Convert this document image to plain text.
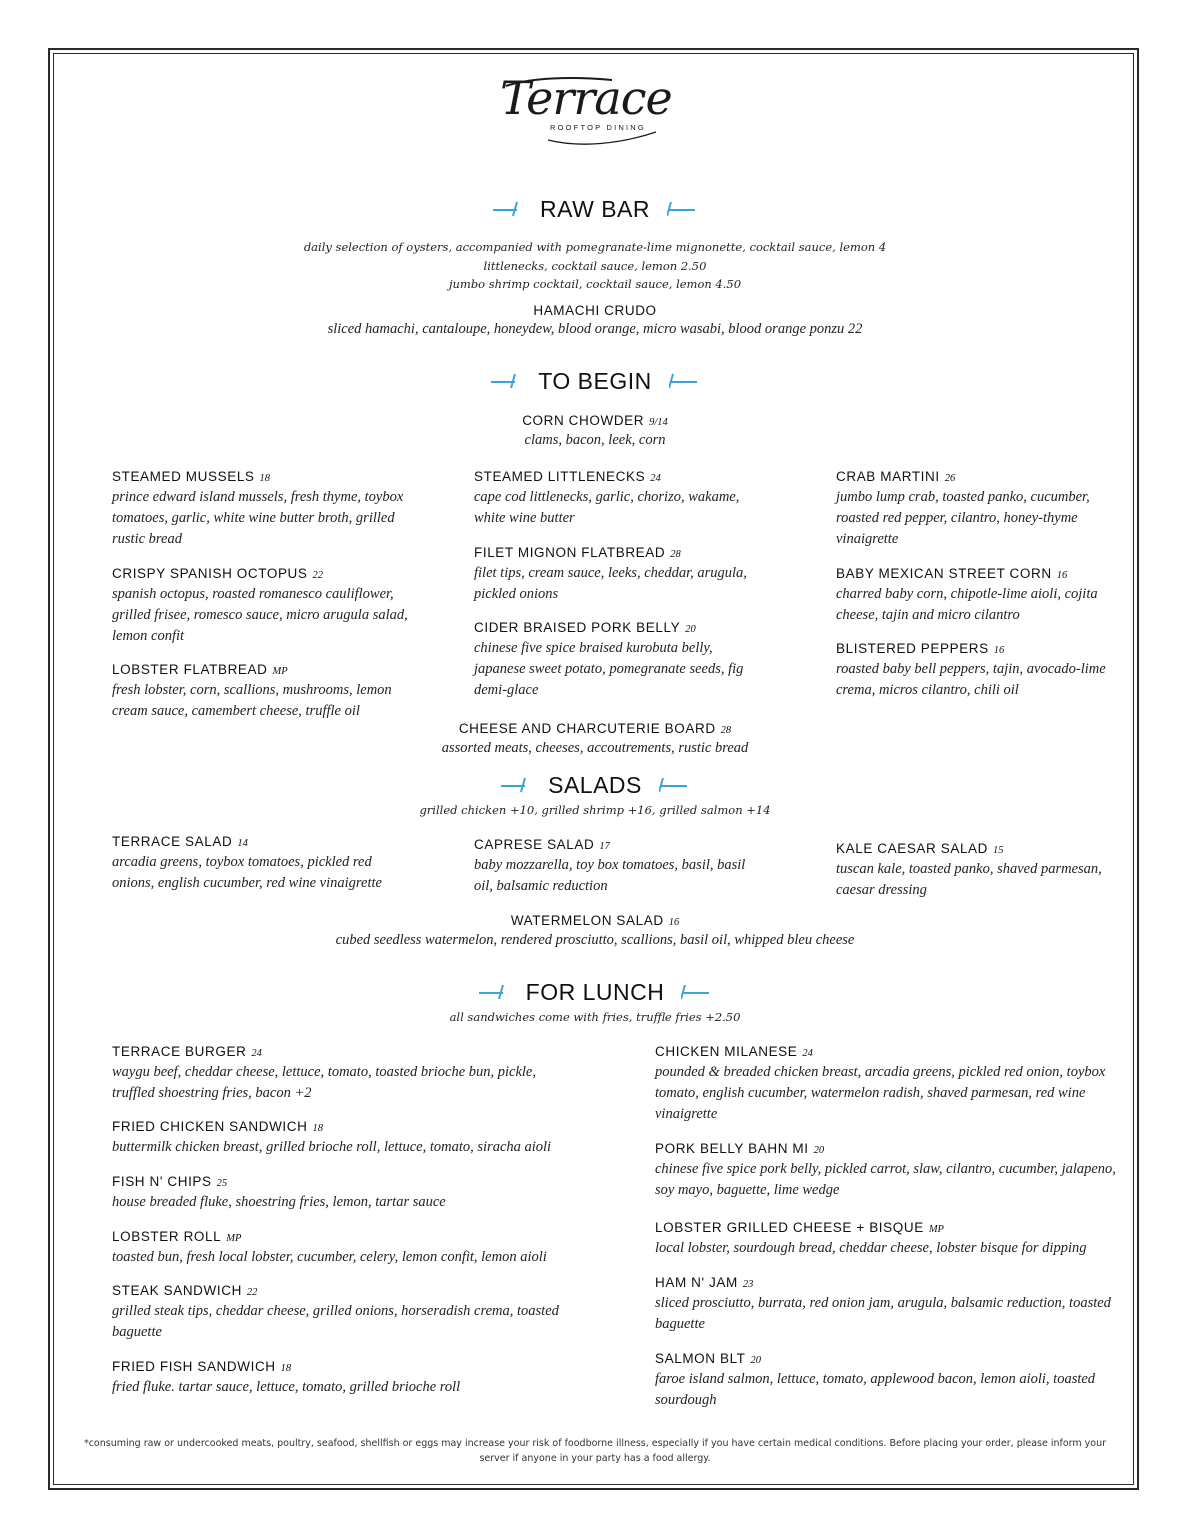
Terrace
ROOFTOP DINING
RAW BAR
daily selection of oysters, accompanied with pomegranate-lime mignonette, cocktail sauce, lemon 4
littlenecks, cocktail sauce, lemon 2.50
jumbo shrimp cocktail, cocktail sauce, lemon 4.50
HAMACHI CRUDO
sliced hamachi, cantaloupe, honeydew, blood orange, micro wasabi, blood orange ponzu 22
TO BEGIN
CORN CHOWDER 9/14
clams, bacon, leek, corn
STEAMED MUSSELS 18
prince edward island mussels, fresh thyme, toybox tomatoes, garlic, white wine butter broth, grilled rustic bread
CRISPY SPANISH OCTOPUS 22
spanish octopus, roasted romanesco cauliflower, grilled frisee, romesco sauce, micro arugula salad, lemon confit
LOBSTER FLATBREAD MP
fresh lobster, corn, scallions, mushrooms, lemon cream sauce, camembert cheese, truffle oil
STEAMED LITTLENECKS 24
cape cod littlenecks, garlic, chorizo, wakame, white wine butter
FILET MIGNON FLATBREAD 28
filet tips, cream sauce, leeks, cheddar, arugula, pickled onions
CIDER BRAISED PORK BELLY 20
chinese five spice braised kurobuta belly, japanese sweet potato, pomegranate seeds, fig demi-glace
CRAB MARTINI 26
jumbo lump crab, toasted panko, cucumber, roasted red pepper, cilantro, honey-thyme vinaigrette
BABY MEXICAN STREET CORN 16
charred baby corn, chipotle-lime aioli, cojita cheese, tajin and micro cilantro
BLISTERED PEPPERS 16
roasted baby bell peppers, tajin, avocado-lime crema, micros cilantro, chili oil
CHEESE AND CHARCUTERIE BOARD 28
assorted meats, cheeses, accoutrements, rustic bread
SALADS
grilled chicken +10, grilled shrimp +16, grilled salmon +14
TERRACE SALAD 14
arcadia greens, toybox tomatoes, pickled red onions, english cucumber, red wine vinaigrette
CAPRESE SALAD 17
baby mozzarella, toy box tomatoes, basil, basil oil, balsamic reduction
KALE CAESAR SALAD 15
tuscan kale, toasted panko, shaved parmesan, caesar dressing
WATERMELON SALAD 16
cubed seedless watermelon, rendered prosciutto, scallions, basil oil, whipped bleu cheese
FOR LUNCH
all sandwiches come with fries, truffle fries +2.50
TERRACE BURGER 24
waygu beef, cheddar cheese, lettuce, tomato, toasted brioche bun, pickle, truffled shoestring fries, bacon +2
FRIED CHICKEN SANDWICH 18
buttermilk chicken breast, grilled brioche roll, lettuce, tomato, siracha aioli
FISH N' CHIPS 25
house breaded fluke, shoestring fries, lemon, tartar sauce
LOBSTER ROLL MP
toasted bun, fresh local lobster, cucumber, celery, lemon confit, lemon aioli
STEAK SANDWICH 22
grilled steak tips, cheddar cheese, grilled onions, horseradish crema, toasted baguette
FRIED FISH SANDWICH 18
fried fluke. tartar sauce, lettuce, tomato, grilled brioche roll
CHICKEN MILANESE 24
pounded & breaded chicken breast, arcadia greens, pickled red onion, toybox tomato, english cucumber, watermelon radish, shaved parmesan, red wine vinaigrette
PORK BELLY BAHN MI 20
chinese five spice pork belly, pickled carrot, slaw, cilantro, cucumber, jalapeno, soy mayo, baguette, lime wedge
LOBSTER GRILLED CHEESE + BISQUE MP
local lobster, sourdough bread, cheddar cheese, lobster bisque for dipping
HAM N' JAM 23
sliced prosciutto, burrata, red onion jam, arugula, balsamic reduction, toasted baguette
SALMON BLT 20
faroe island salmon, lettuce, tomato, applewood bacon, lemon aioli, toasted sourdough
*consuming raw or undercooked meats, poultry, seafood, shellfish or eggs may increase your risk of foodborne illness, especially if you have certain medical conditions. Before placing your order, please inform your server if anyone in your party has a food allergy.
